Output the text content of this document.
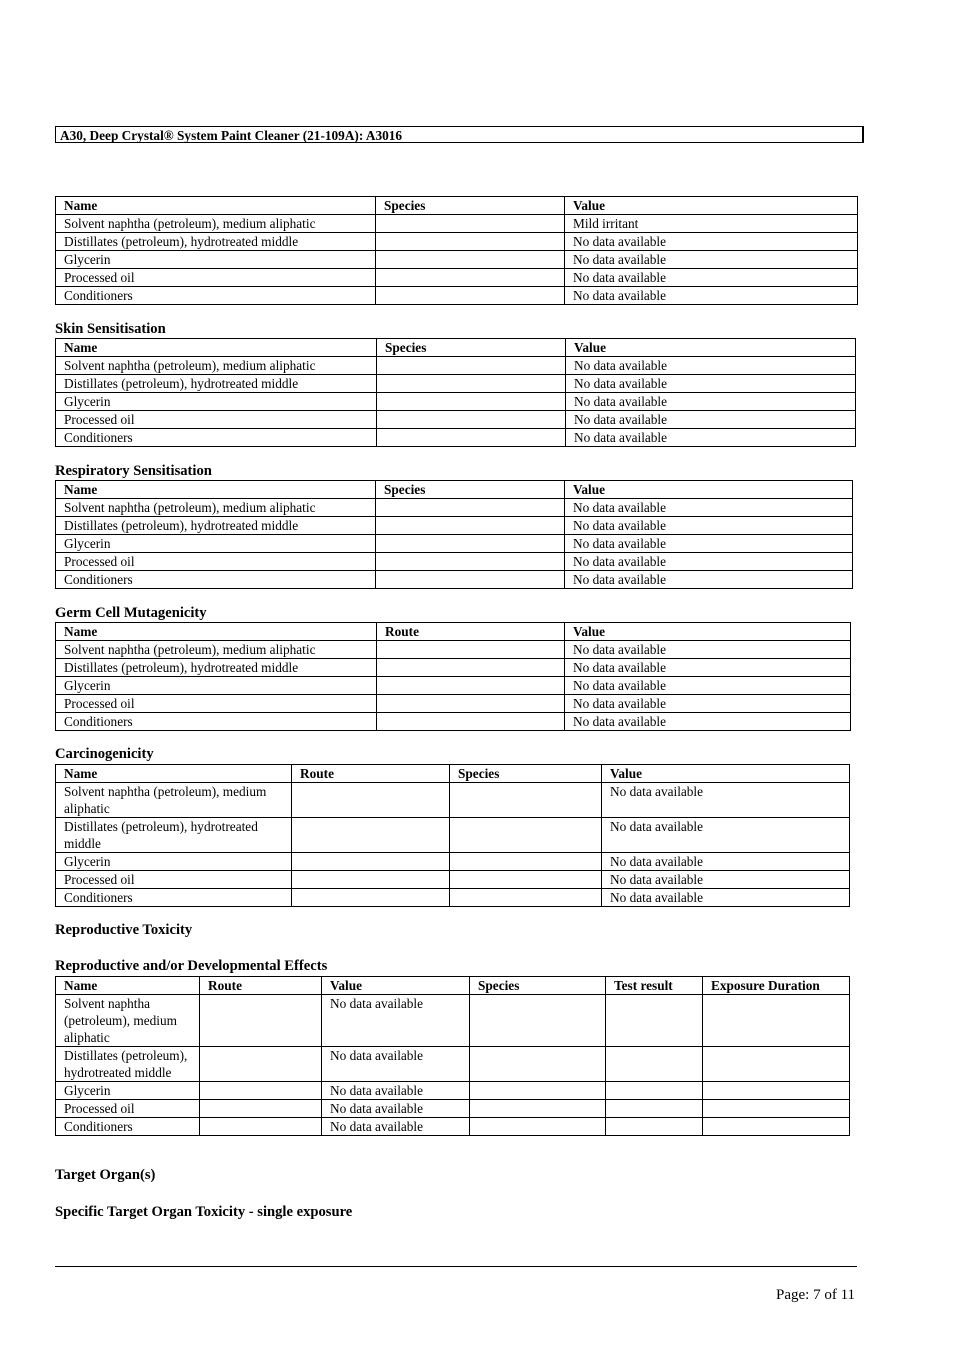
A30, Deep Crystal® System Paint Cleaner (21-109A): A3016
Name	Species	Value
Solvent naphtha (petroleum), medium aliphatic		Mild irritant
Distillates (petroleum), hydrotreated middle		No data available
Glycerin		No data available
Processed oil		No data available
Conditioners		No data available
Skin Sensitisation
Name	Species	Value
Solvent naphtha (petroleum), medium aliphatic		No data available
Distillates (petroleum), hydrotreated middle		No data available
Glycerin		No data available
Processed oil		No data available
Conditioners		No data available
Respiratory Sensitisation
Name	Species	Value
Solvent naphtha (petroleum), medium aliphatic		No data available
Distillates (petroleum), hydrotreated middle		No data available
Glycerin		No data available
Processed oil		No data available
Conditioners		No data available
Germ Cell Mutagenicity
Name	Route	Value
Solvent naphtha (petroleum), medium aliphatic		No data available
Distillates (petroleum), hydrotreated middle		No data available
Glycerin		No data available
Processed oil		No data available
Conditioners		No data available
Carcinogenicity
Name	Route	Species	Value
Solvent naphtha (petroleum), medium aliphatic			No data available
Distillates (petroleum), hydrotreated middle			No data available
Glycerin			No data available
Processed oil			No data available
Conditioners			No data available
Reproductive Toxicity
Reproductive and/or Developmental Effects
Name	Route	Value	Species	Test result	Exposure Duration
Solvent naphtha (petroleum), medium aliphatic		No data available			
Distillates (petroleum), hydrotreated middle		No data available			
Glycerin		No data available			
Processed oil		No data available			
Conditioners		No data available			
Target Organ(s)
Specific Target Organ Toxicity - single exposure
Page: 7 of 11
